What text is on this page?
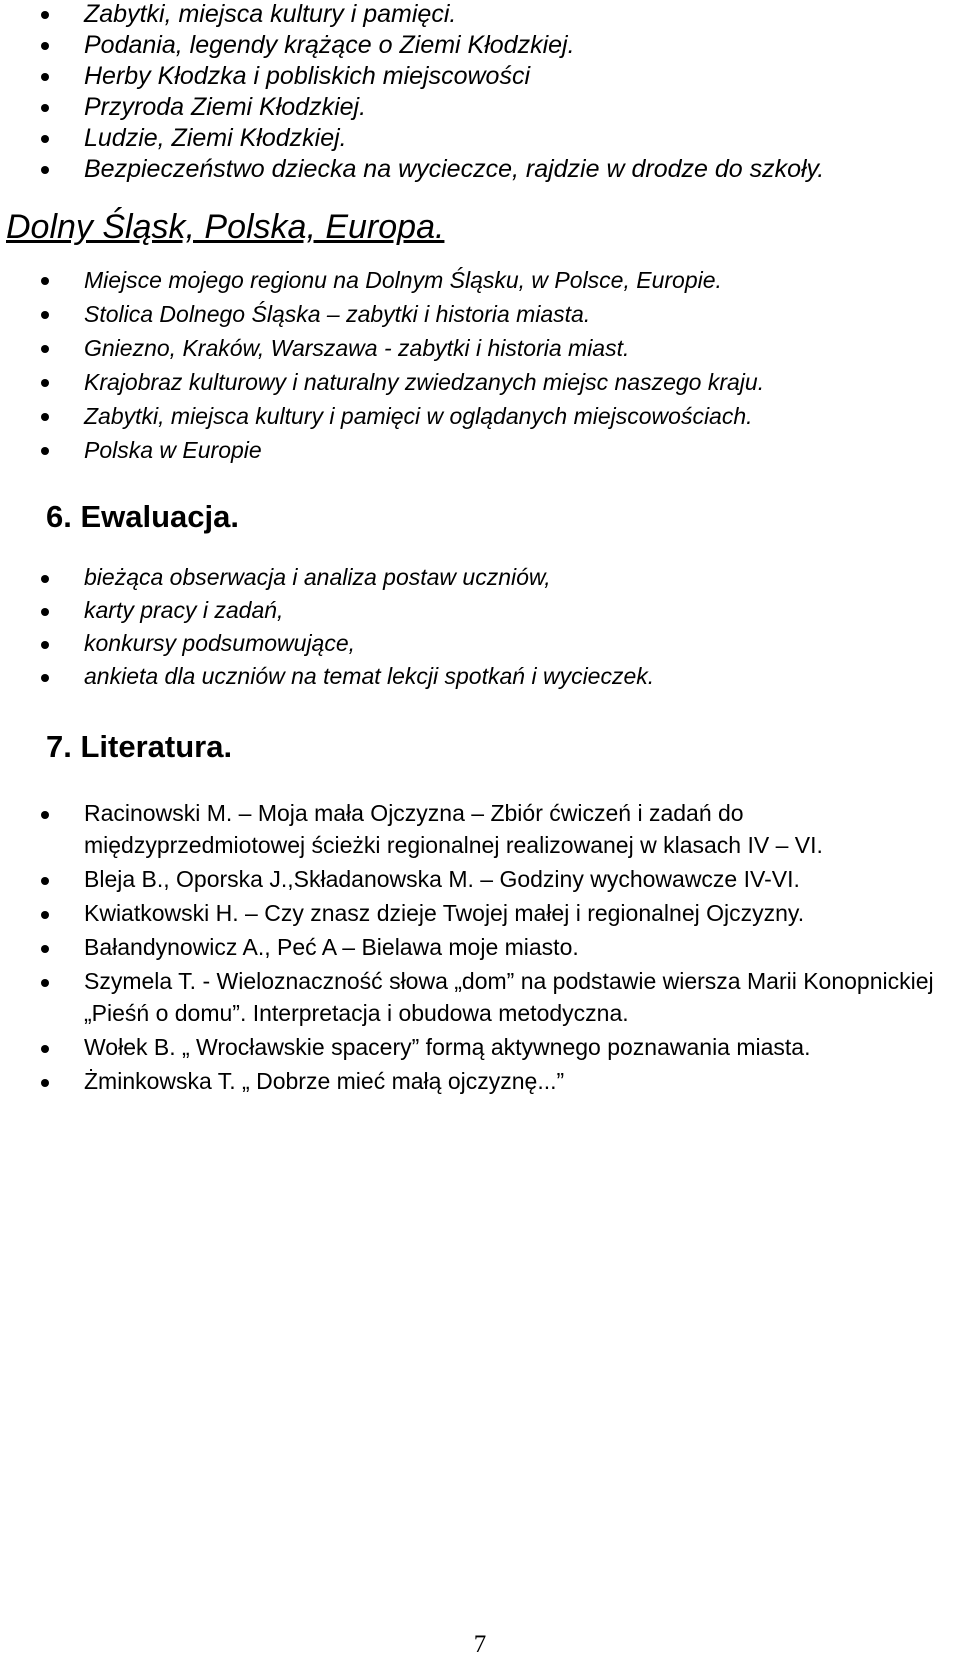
Zabytki, miejsca kultury i pamięci.
Podania, legendy krążące o Ziemi Kłodzkiej.
Herby Kłodzka i pobliskich miejscowości
Przyroda Ziemi Kłodzkiej.
Ludzie, Ziemi Kłodzkiej.
Bezpieczeństwo dziecka na wycieczce, rajdzie w drodze do szkoły.
Dolny Śląsk, Polska, Europa.
Miejsce mojego regionu na Dolnym Śląsku, w Polsce, Europie.
Stolica Dolnego Śląska – zabytki i historia miasta.
Gniezno, Kraków, Warszawa - zabytki i historia miast.
Krajobraz kulturowy i naturalny zwiedzanych miejsc naszego kraju.
Zabytki, miejsca kultury i pamięci w oglądanych miejscowościach.
Polska w Europie
6. Ewaluacja.
bieżąca obserwacja i analiza postaw uczniów,
karty pracy i zadań,
konkursy podsumowujące,
ankieta dla uczniów na temat lekcji spotkań i wycieczek.
7. Literatura.
Racinowski M. – Moja mała Ojczyzna – Zbiór ćwiczeń i zadań do międzyprzedmiotowej ścieżki regionalnej realizowanej w klasach IV – VI.
Bleja B., Oporska J.,Składanowska M. – Godziny wychowawcze IV-VI.
Kwiatkowski H. – Czy znasz dzieje Twojej małej i regionalnej Ojczyzny.
Bałandynowicz A., Peć A – Bielawa moje miasto.
Szymela T. - Wieloznaczność słowa „dom” na podstawie wiersza Marii Konopnickiej „Pieśń o domu”. Interpretacja i obudowa metodyczna.
Wołek B. „ Wrocławskie spacery” formą aktywnego poznawania miasta.
Żminkowska T. „ Dobrze mieć małą ojczyznę...”
7
